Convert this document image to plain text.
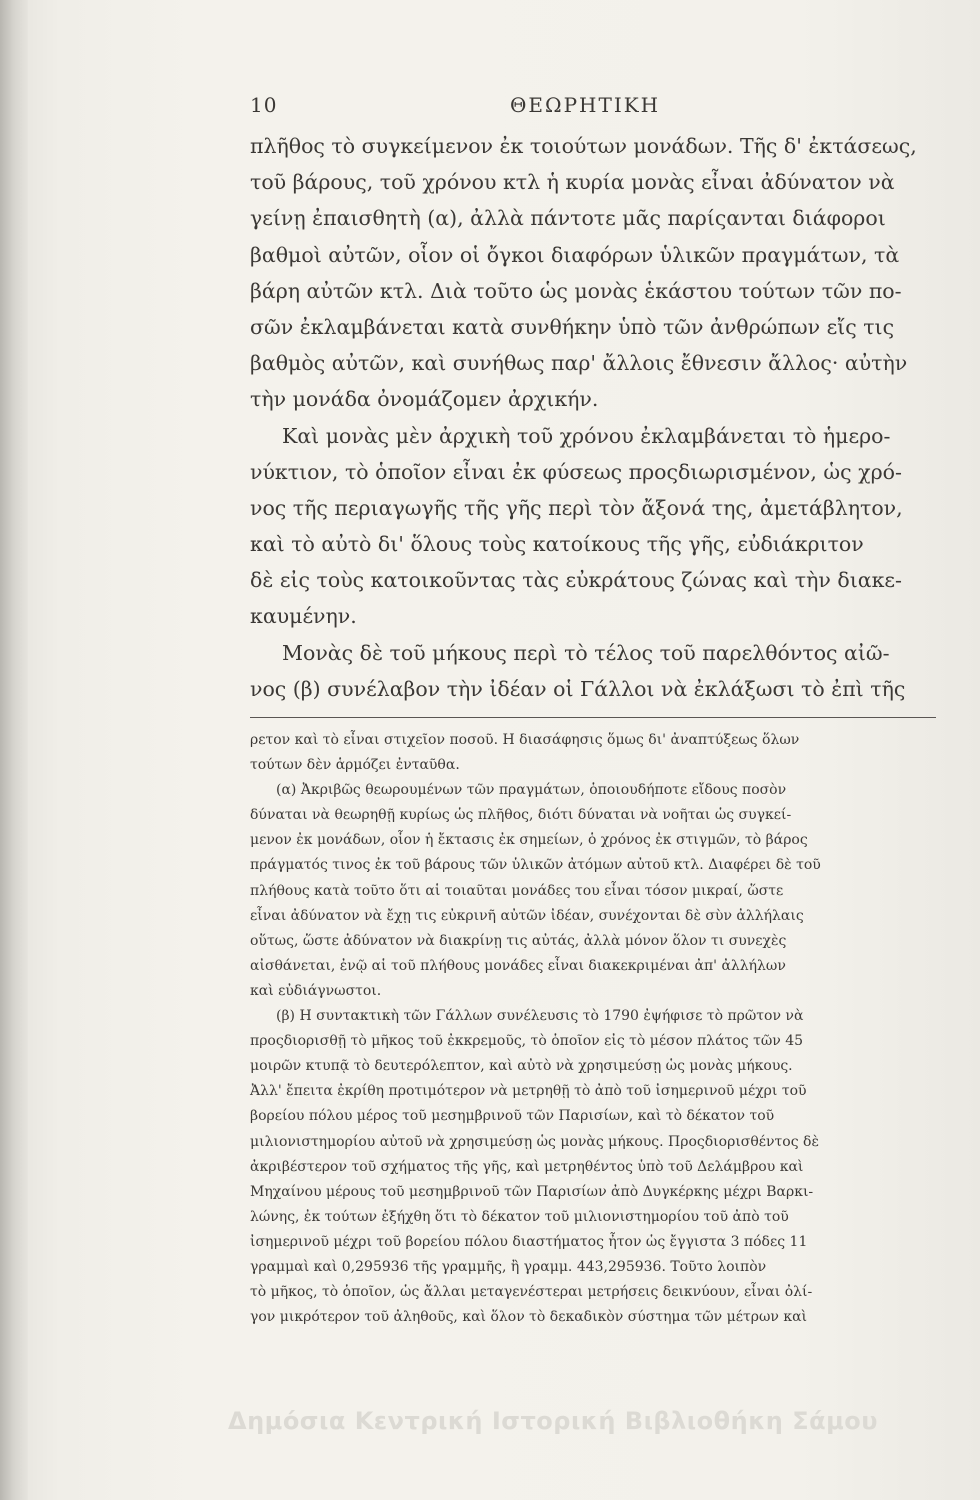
10	ΘΕΩΡΗΤΙΚΗ
πλῆθος τὸ συγκείμενον ἐκ τοιούτων μονάδων. Τῆς δ' ἐκτάσεως,
τοῦ βάρους, τοῦ χρόνου κτλ ἡ κυρία μονὰς εἶναι ἀδύνατον νὰ
γείνῃ ἐπαισθητὴ (α), ἀλλὰ πάντοτε μᾶς παρίςανται διάφοροι
βαθμοὶ αὐτῶν, οἷον οἱ ὄγκοι διαφόρων ὑλικῶν πραγμάτων, τὰ
βάρη αὐτῶν κτλ. Διὰ τοῦτο ὡς μονὰς ἑκάστου τούτων τῶν πο-
σῶν ἐκλαμβάνεται κατὰ συνθήκην ὑπὸ τῶν ἀνθρώπων εἴς τις
βαθμὸς αὐτῶν, καὶ συνήθως παρ' ἄλλοις ἔθνεσιν ἄλλος· αὐτὴν
τὴν μονάδα ὀνομάζομεν ἀρχικήν.
Καὶ μονὰς μὲν ἀρχικὴ τοῦ χρόνου ἐκλαμβάνεται τὸ ἡμερο-
νύκτιον, τὸ ὁποῖον εἶναι ἐκ φύσεως προςδιωρισμένον, ὡς χρό-
νος τῆς περιαγωγῆς τῆς γῆς περὶ τὸν ἄξονά της, ἀμετάβλητον,
καὶ τὸ αὐτὸ δι' ὅλους τοὺς κατοίκους τῆς γῆς, εὐδιάκριτον
δὲ εἰς τοὺς κατοικοῦντας τὰς εὐκράτους ζώνας καὶ τὴν διακε-
καυμένην.
Μονὰς δὲ τοῦ μήκους περὶ τὸ τέλος τοῦ παρελθόντος αἰῶ-
νος (β) συνέλαβον τὴν ἰδέαν οἱ Γάλλοι νὰ ἐκλάξωσι τὸ ἐπὶ τῆς
ρετον καὶ τὸ εἶναι στιχεῖον ποσοῦ. Η διασάφησις ὅμως δι' ἀναπτύξεως ὅλων
τούτων δὲν ἁρμόζει ἐνταῦθα.
(α) Ἀκριβῶς θεωρουμένων τῶν πραγμάτων, ὁποιουδήποτε εἴδους ποσὸν
δύναται νὰ θεωρηθῇ κυρίως ὡς πλῆθος, διότι δύναται νὰ νοῆται ὡς συγκεί-
μενον ἐκ μονάδων, οἷον ἡ ἔκτασις ἐκ σημείων, ὁ χρόνος ἐκ στιγμῶν, τὸ βάρος
πράγματός τινος ἐκ τοῦ βάρους τῶν ὑλικῶν ἀτόμων αὐτοῦ κτλ. Διαφέρει δὲ τοῦ
πλήθους κατὰ τοῦτο ὅτι αἱ τοιαῦται μονάδες του εἶναι τόσον μικραί, ὥστε
εἶναι ἀδύνατον νὰ ἔχῃ τις εὐκρινῆ αὐτῶν ἰδέαν, συνέχονται δὲ σὺν ἀλλήλαις
οὕτως, ὥστε ἀδύνατον νὰ διακρίνῃ τις αὐτάς, ἀλλὰ μόνον ὅλον τι συνεχὲς
αἰσθάνεται, ἐνῷ αἱ τοῦ πλήθους μονάδες εἶναι διακεκριμέναι ἀπ' ἀλλήλων
καὶ εὐδιάγνωστοι.
(β) Η συντακτικὴ τῶν Γάλλων συνέλευσις τὸ 1790 ἐψήφισε τὸ πρῶτον νὰ
προςδιορισθῇ τὸ μῆκος τοῦ ἐκκρεμοῦς, τὸ ὁποῖον εἰς τὸ μέσον πλάτος τῶν 45
μοιρῶν κτυπᾷ τὸ δευτερόλεπτον, καὶ αὐτὸ νὰ χρησιμεύσῃ ὡς μονὰς μήκους.
Ἀλλ' ἔπειτα ἐκρίθη προτιμότερον νὰ μετρηθῇ τὸ ἀπὸ τοῦ ἰσημερινοῦ μέχρι τοῦ
βορείου πόλου μέρος τοῦ μεσημβρινοῦ τῶν Παρισίων, καὶ τὸ δέκατον τοῦ
μιλιονιστημορίου αὐτοῦ νὰ χρησιμεύσῃ ὡς μονὰς μήκους. Προςδιορισθέντος δὲ
ἀκριβέστερον τοῦ σχήματος τῆς γῆς, καὶ μετρηθέντος ὑπὸ τοῦ Δελάμβρου καὶ
Μηχαίνου μέρους τοῦ μεσημβρινοῦ τῶν Παρισίων ἀπὸ Δυγκέρκης μέχρι Βαρκι-
λώνης, ἐκ τούτων ἐξήχθη ὅτι τὸ δέκατον τοῦ μιλιονιστημορίου τοῦ ἀπὸ τοῦ
ἰσημερινοῦ μέχρι τοῦ βορείου πόλου διαστήματος ἦτον ὡς ἔγγιστα 3 πόδες 11
γραμμαὶ καὶ 0,295936 τῆς γραμμῆς, ἢ γραμμ. 443,295936. Τοῦτο λοιπὸν
τὸ μῆκος, τὸ ὁποῖον, ὡς ἄλλαι μεταγενέστεραι μετρήσεις δεικνύουν, εἶναι ὀλί-
γον μικρότερον τοῦ ἀληθοῦς, καὶ ὅλον τὸ δεκαδικὸν σύστημα τῶν μέτρων καὶ
Δημόσια Κεντρική Ιστορική Βιβλιοθήκη Σάμου
